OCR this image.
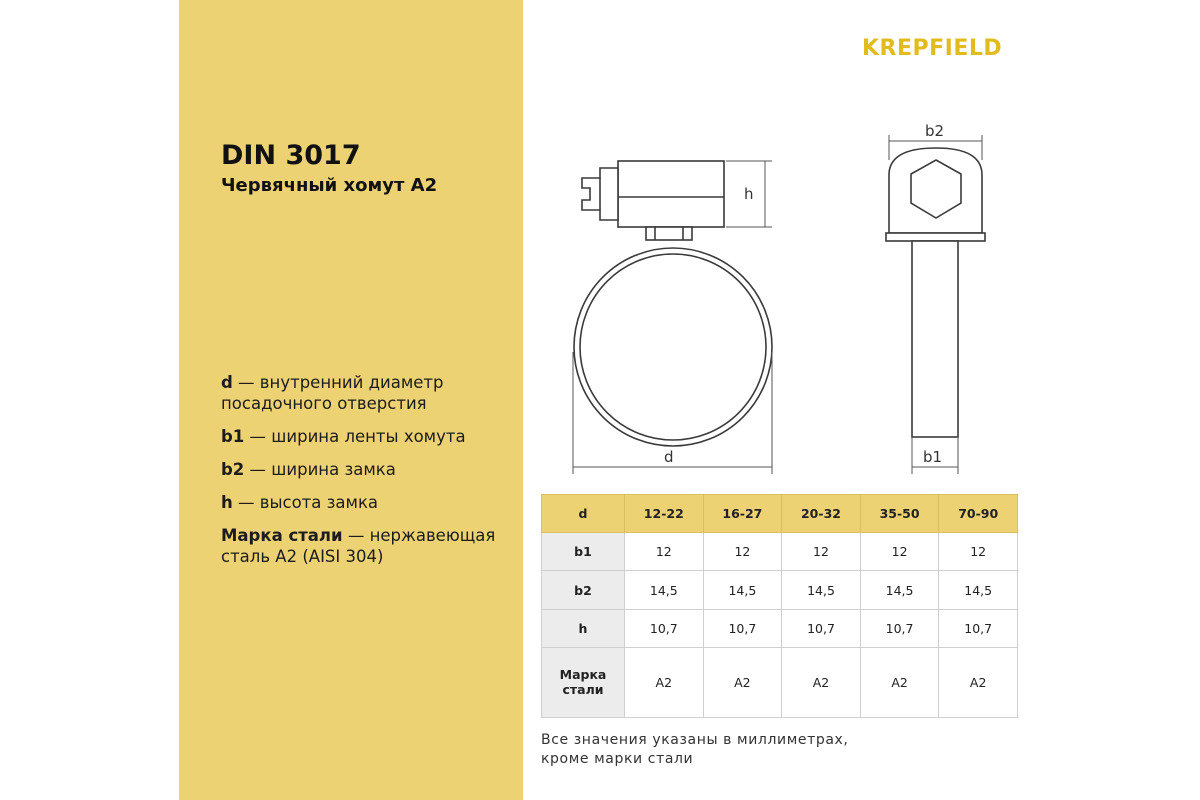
DIN 3017
Червячный хомут А2
d — внутренний диаметр посадочного отверстия
b1 — ширина ленты хомута
b2 — ширина замка
h — высота замка
Марка стали — нержавеющая сталь А2 (AISI 304)
KREPFIELD
h
d
b2
b1
d	12-22	16-27	20-32	35-50	70-90
b1	12	12	12	12	12
b2	14,5	14,5	14,5	14,5	14,5
h	10,7	10,7	10,7	10,7	10,7
Марка стали	А2	А2	А2	А2	А2
Все значения указаны в миллиметрах,
кроме марки стали
